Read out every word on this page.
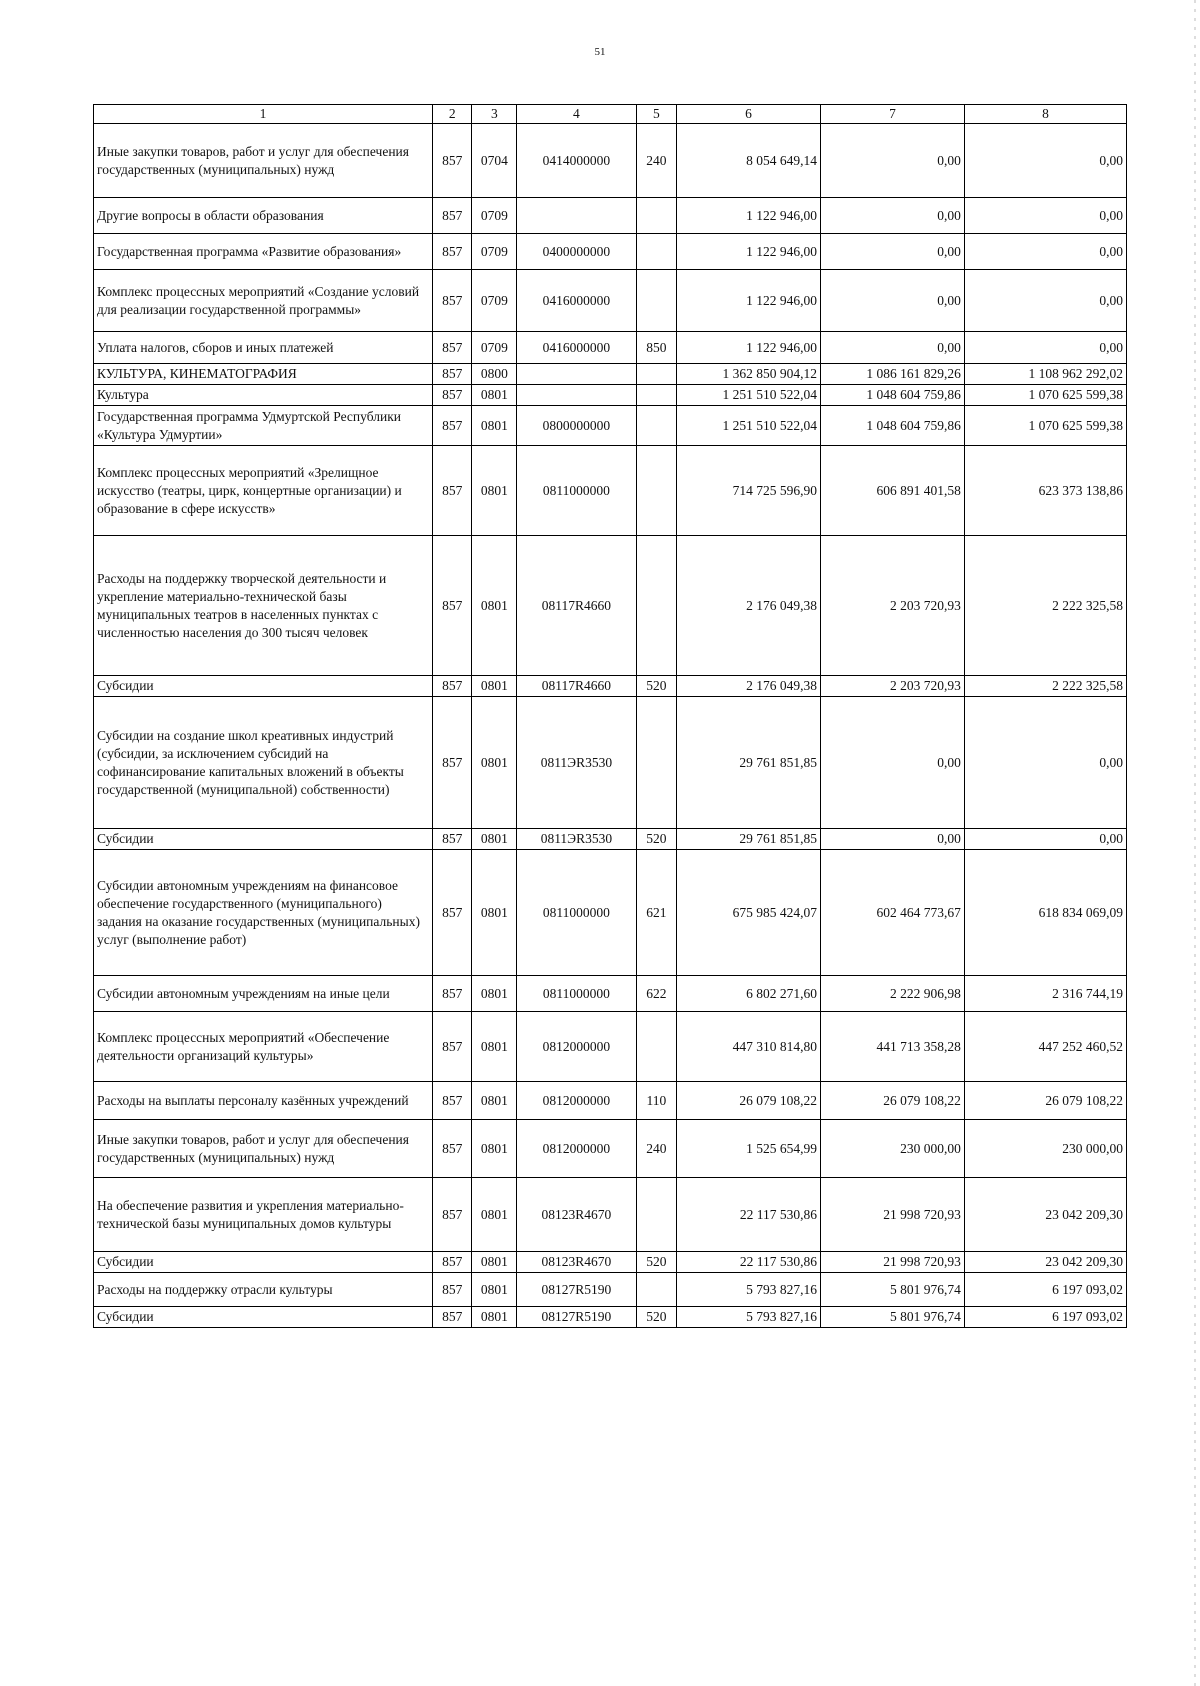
51
1	2	3	4	5	6	7	8
Иные закупки товаров, работ и услуг для обеспечения государственных (муниципальных) нужд	857	0704	0414000000	240	8 054 649,14	0,00	0,00
Другие вопросы в области образования	857	0709			1 122 946,00	0,00	0,00
Государственная программа «Развитие образования»	857	0709	0400000000		1 122 946,00	0,00	0,00
Комплекс процессных мероприятий «Создание условий для реализации государственной программы»	857	0709	0416000000		1 122 946,00	0,00	0,00
Уплата налогов, сборов и иных платежей	857	0709	0416000000	850	1 122 946,00	0,00	0,00
КУЛЬТУРА, КИНЕМАТОГРАФИЯ	857	0800			1 362 850 904,12	1 086 161 829,26	1 108 962 292,02
Культура	857	0801			1 251 510 522,04	1 048 604 759,86	1 070 625 599,38
Государственная программа Удмуртской Республики «Культура Удмуртии»	857	0801	0800000000		1 251 510 522,04	1 048 604 759,86	1 070 625 599,38
Комплекс процессных мероприятий «Зрелищное искусство (театры, цирк, концертные организации) и образование в сфере искусств»	857	0801	0811000000		714 725 596,90	606 891 401,58	623 373 138,86
Расходы на поддержку творческой деятельности и укрепление материально-технической базы муниципальных театров в населенных пунктах с численностью населения до 300 тысяч человек	857	0801	08117R4660		2 176 049,38	2 203 720,93	2 222 325,58
Субсидии	857	0801	08117R4660	520	2 176 049,38	2 203 720,93	2 222 325,58
Субсидии на создание школ креативных индустрий (субсидии, за исключением субсидий на софинансирование капитальных вложений в объекты государственной (муниципальной) собственности)	857	0801	0811ЭR3530		29 761 851,85	0,00	0,00
Субсидии	857	0801	0811ЭR3530	520	29 761 851,85	0,00	0,00
Субсидии автономным учреждениям на финансовое обеспечение государственного (муниципального) задания на оказание государственных (муниципальных) услуг (выполнение работ)	857	0801	0811000000	621	675 985 424,07	602 464 773,67	618 834 069,09
Субсидии автономным учреждениям на иные цели	857	0801	0811000000	622	6 802 271,60	2 222 906,98	2 316 744,19
Комплекс процессных мероприятий «Обеспечение деятельности организаций культуры»	857	0801	0812000000		447 310 814,80	441 713 358,28	447 252 460,52
Расходы на выплаты персоналу казённых учреждений	857	0801	0812000000	110	26 079 108,22	26 079 108,22	26 079 108,22
Иные закупки товаров, работ и услуг для обеспечения государственных (муниципальных) нужд	857	0801	0812000000	240	1 525 654,99	230 000,00	230 000,00
На обеспечение развития и укрепления материально-технической базы муниципальных домов культуры	857	0801	08123R4670		22 117 530,86	21 998 720,93	23 042 209,30
Субсидии	857	0801	08123R4670	520	22 117 530,86	21 998 720,93	23 042 209,30
Расходы на поддержку отрасли культуры	857	0801	08127R5190		5 793 827,16	5 801 976,74	6 197 093,02
Субсидии	857	0801	08127R5190	520	5 793 827,16	5 801 976,74	6 197 093,02
